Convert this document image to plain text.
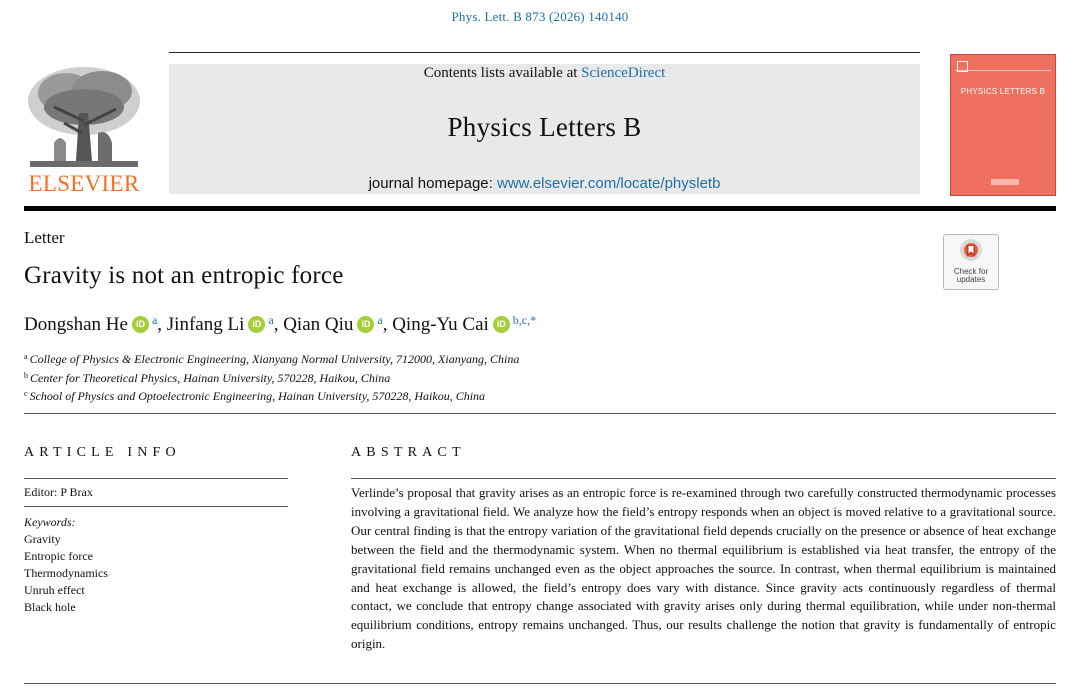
Phys. Lett. B 873 (2026) 140140
ELSEVIER
Contents lists available at ScienceDirect
Physics Letters B
journal homepage: www.elsevier.com/locate/physletb
PHYSICS LETTERS B
Letter
Gravity is not an entropic force	Check for
updates
Dongshan He iD $^a$, Jinfang Li iD $^a$, Qian Qiu iD $^a$, Qing-Yu Cai iD $^{b,c,*}$
$^a$ College of Physics & Electronic Engineering, Xianyang Normal University, 712000, Xianyang, China
$^b$ Center for Theoretical Physics, Hainan University, 570228, Haikou, China
$^c$ School of Physics and Optoelectronic Engineering, Hainan University, 570228, Haikou, China
ARTICLE INFO	ABSTRACT
Editor: P Brax
Keywords:
Gravity
Entropic force
Thermodynamics
Unruh effect
Black hole
Verlinde’s proposal that gravity arises as an entropic force is re-examined through two carefully constructed thermodynamic processes involving a gravitational field. We analyze how the field’s entropy responds when an object is moved relative to a gravitational source. Our central finding is that the entropy variation of the gravitational field depends crucially on the presence or absence of heat exchange between the field and the thermodynamic system. When no thermal equilibrium is established via heat transfer, the entropy of the gravitational field remains unchanged even as the object approaches the source. In contrast, when thermal equilibrium is maintained and heat exchange is allowed, the field’s entropy does vary with distance. Since gravity acts continuously regardless of thermal contact, we conclude that entropy change associated with gravity arises only during thermal equilibration, while under non-thermal equilibrium conditions, entropy remains unchanged. Thus, our results challenge the notion that gravity is fundamentally of entropic origin.
